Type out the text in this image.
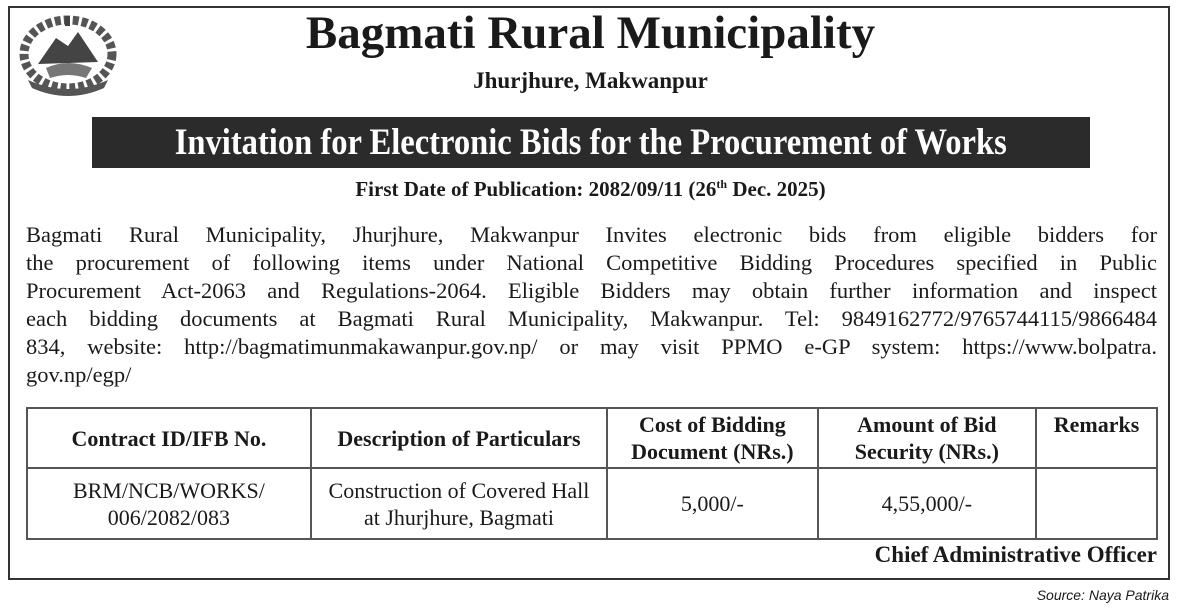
Bagmati Rural Municipality
Jhurjhure, Makwanpur
Invitation for Electronic Bids for the Procurement of Works
First Date of Publication: 2082/09/11 (26th Dec. 2025)
Bagmati Rural Municipality, Jhurjhure, Makwanpur Invites electronic bids from eligible bidders for
the procurement of following items under National Competitive Bidding Procedures specified in Public
Procurement Act-2063 and Regulations-2064. Eligible Bidders may obtain further information and inspect
each bidding documents at Bagmati Rural Municipality, Makwanpur. Tel: 9849162772/9765744115/9866484
834, website: http://bagmatimunmakawanpur.gov.np/ or may visit PPMO e-GP system: https://www.bolpatra.
gov.np/egp/
Contract ID/IFB No.	Description of Particulars	Cost of Bidding Document (NRs.)	Amount of Bid Security (NRs.)	Remarks
BRM/NCB/WORKS/ 006/2082/083	Construction of Covered Hall at Jhurjhure, Bagmati	5,000/-	4,55,000/-	
Chief Administrative Officer
Source: Naya Patrika
